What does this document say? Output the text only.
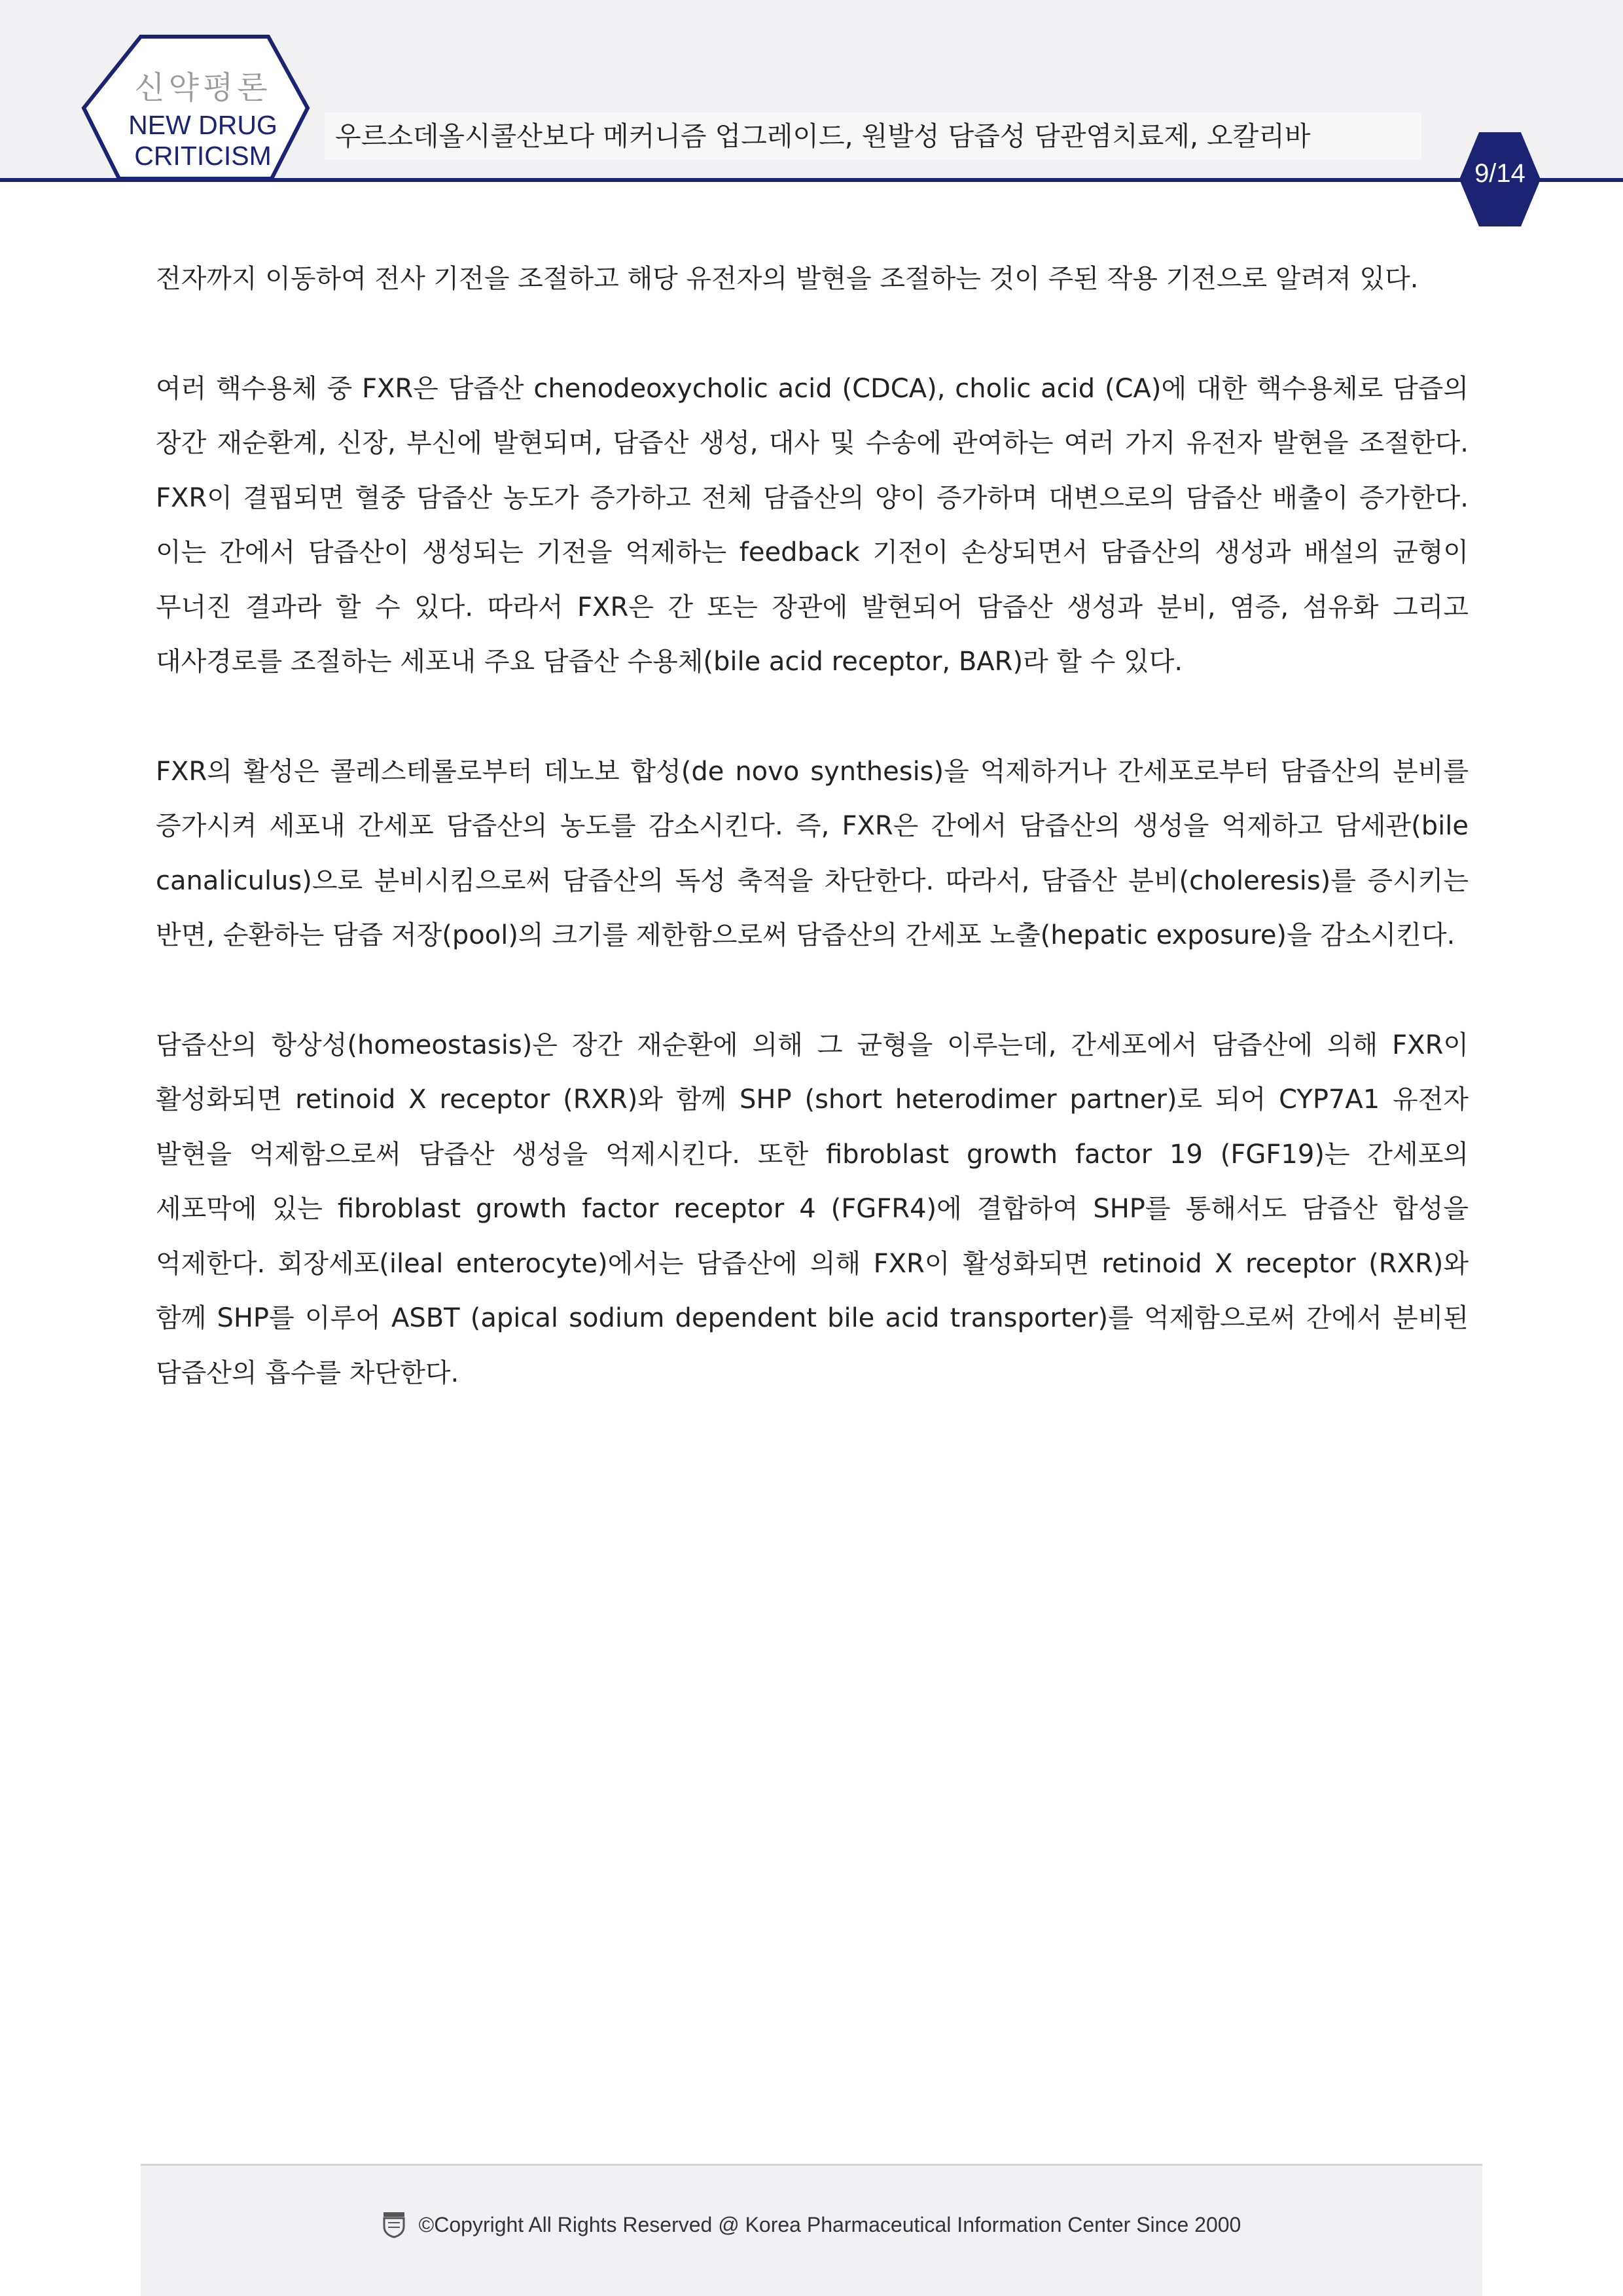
신약평론
NEW DRUG
CRITICISM
우르소데올시콜산보다 메커니즘 업그레이드, 원발성 담즙성 담관염치료제, 오칼리바
9/14

전자까지 이동하여 전사 기전을 조절하고 해당 유전자의 발현을 조절하는 것이 주된 작용 기전으로 알려져 있다.

여러 핵수용체 중 FXR은 담즙산 chenodeoxycholic acid (CDCA), cholic acid (CA)에 대한 핵수용체로 담즙의 장간 재순환계, 신장, 부신에 발현되며, 담즙산 생성, 대사 및 수송에 관여하는 여러 가지 유전자 발현을 조절한다. FXR이 결핍되면 혈중 담즙산 농도가 증가하고 전체 담즙산의 양이 증가하며 대변으로의 담즙산 배출이 증가한다. 이는 간에서 담즙산이 생성되는 기전을 억제하는 feedback 기전이 손상되면서 담즙산의 생성과 배설의 균형이 무너진 결과라 할 수 있다. 따라서 FXR은 간 또는 장관에 발현되어 담즙산 생성과 분비, 염증, 섬유화 그리고 대사경로를 조절하는 세포내 주요 담즙산 수용체(bile acid receptor, BAR)라 할 수 있다.

FXR의 활성은 콜레스테롤로부터 데노보 합성(de novo synthesis)을 억제하거나 간세포로부터 담즙산의 분비를 증가시켜 세포내 간세포 담즙산의 농도를 감소시킨다. 즉, FXR은 간에서 담즙산의 생성을 억제하고 담세관(bile canaliculus)으로 분비시킴으로써 담즙산의 독성 축적을 차단한다. 따라서, 담즙산 분비(choleresis)를 증시키는 반면, 순환하는 담즙 저장(pool)의 크기를 제한함으로써 담즙산의 간세포 노출(hepatic exposure)을 감소시킨다.

담즙산의 항상성(homeostasis)은 장간 재순환에 의해 그 균형을 이루는데, 간세포에서 담즙산에 의해 FXR이 활성화되면 retinoid X receptor (RXR)와 함께 SHP (short heterodimer partner)로 되어 CYP7A1 유전자 발현을 억제함으로써 담즙산 생성을 억제시킨다. 또한 fibroblast growth factor 19 (FGF19)는 간세포의 세포막에 있는 fibroblast growth factor receptor 4 (FGFR4)에 결합하여 SHP를 통해서도 담즙산 합성을 억제한다. 회장세포(ileal enterocyte)에서는 담즙산에 의해 FXR이 활성화되면 retinoid X receptor (RXR)와 함께 SHP를 이루어 ASBT (apical sodium dependent bile acid transporter)를 억제함으로써 간에서 분비된 담즙산의 흡수를 차단한다.

©Copyright All Rights Reserved @ Korea Pharmaceutical Information Center Since 2000
